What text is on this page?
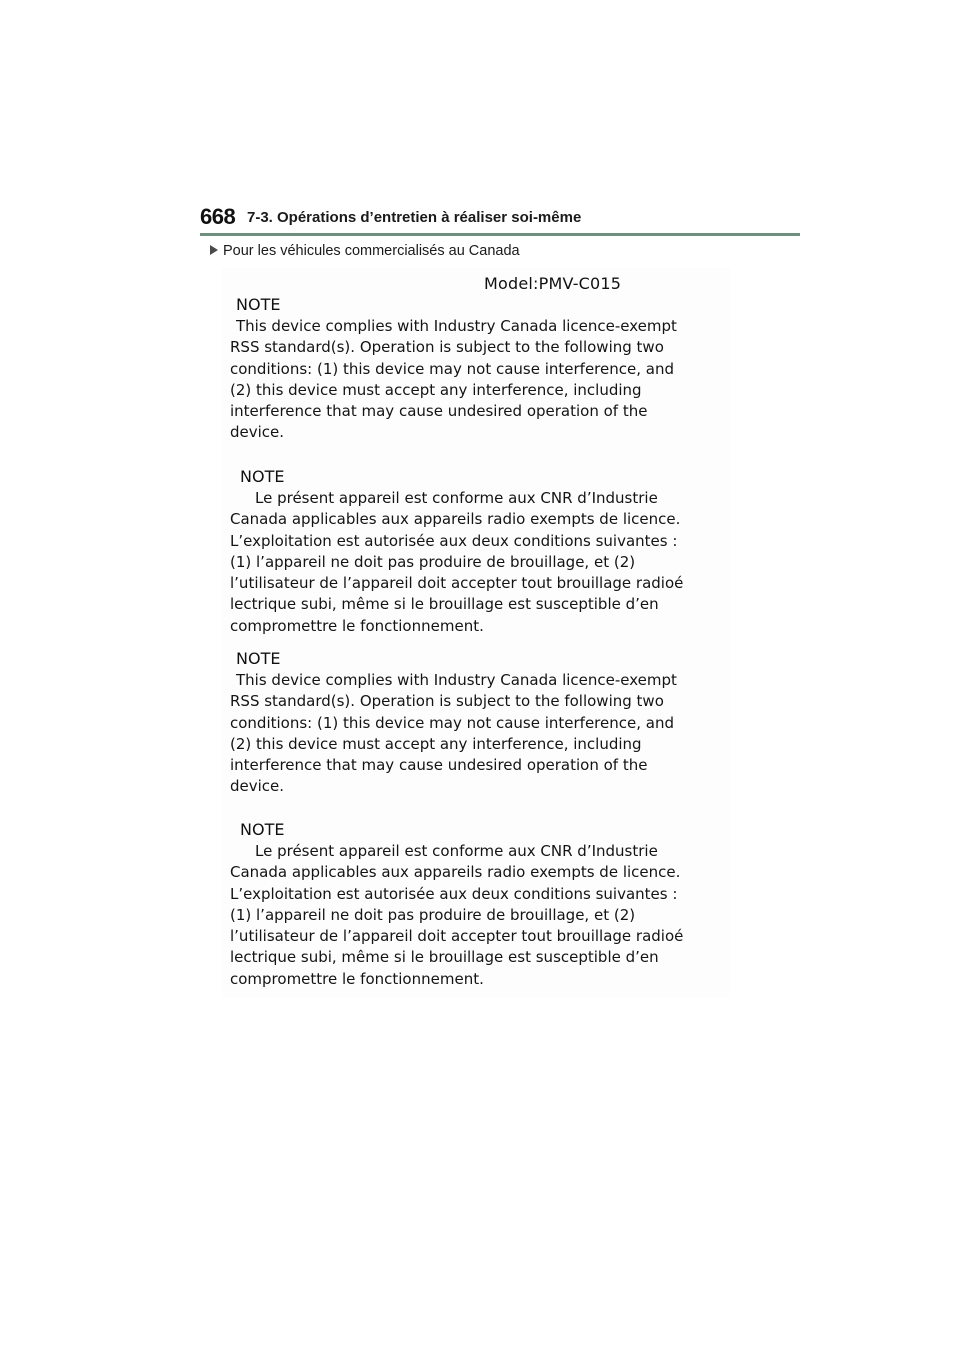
668 7-3. Opérations d’entretien à réaliser soi-même
Pour les véhicules commercialisés au Canada
Model:PMV-C015
NOTE
This device complies with Industry Canada licence-exempt
RSS standard(s). Operation is subject to the following two
conditions: (1) this device may not cause interference, and
(2) this device must accept any interference, including
interference that may cause undesired operation of the
device.
NOTE
Le présent appareil est conforme aux CNR d’Industrie
Canada applicables aux appareils radio exempts de licence.
L’exploitation est autorisée aux deux conditions suivantes :
(1) l’appareil ne doit pas produire de brouillage, et (2)
l’utilisateur de l’appareil doit accepter tout brouillage radioé
lectrique subi, même si le brouillage est susceptible d’en
compromettre le fonctionnement.
NOTE
This device complies with Industry Canada licence-exempt
RSS standard(s). Operation is subject to the following two
conditions: (1) this device may not cause interference, and
(2) this device must accept any interference, including
interference that may cause undesired operation of the
device.
NOTE
Le présent appareil est conforme aux CNR d’Industrie
Canada applicables aux appareils radio exempts de licence.
L’exploitation est autorisée aux deux conditions suivantes :
(1) l’appareil ne doit pas produire de brouillage, et (2)
l’utilisateur de l’appareil doit accepter tout brouillage radioé
lectrique subi, même si le brouillage est susceptible d’en
compromettre le fonctionnement.
